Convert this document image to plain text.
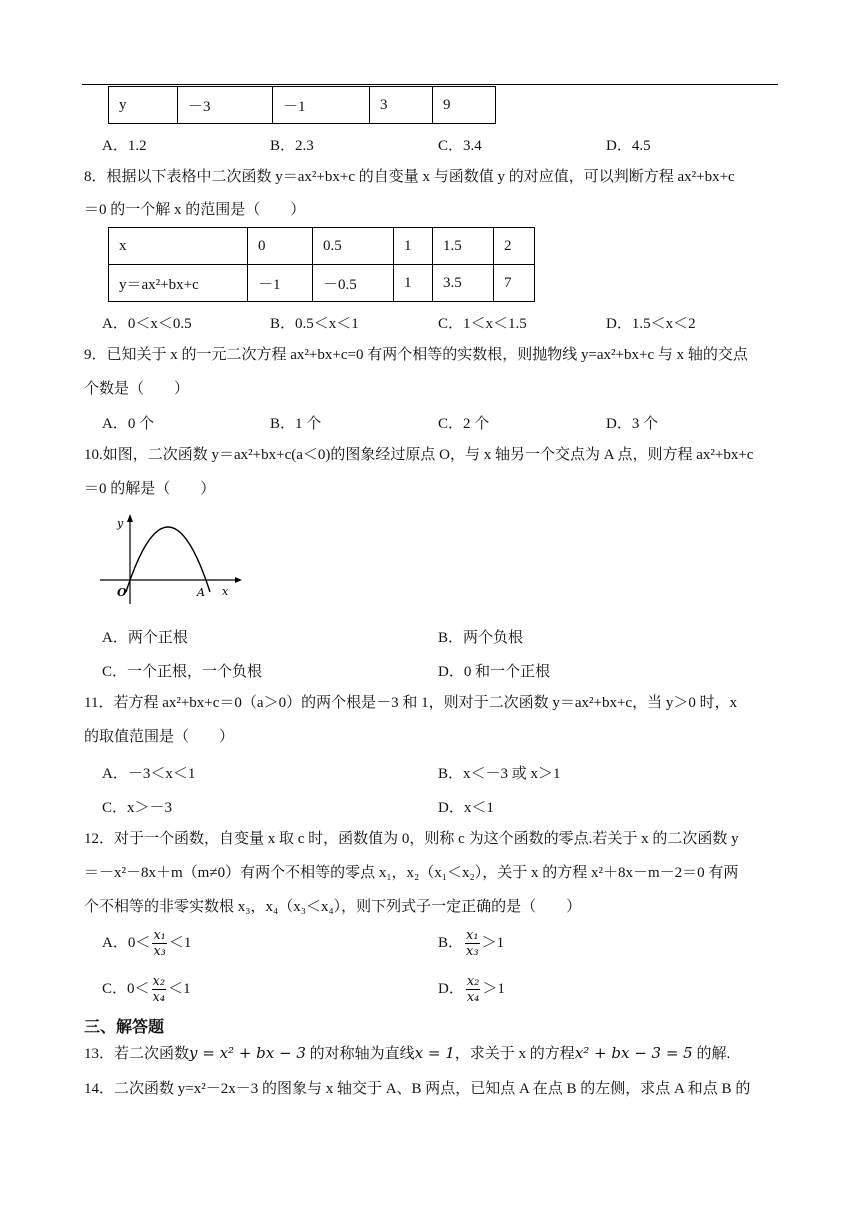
y	－3	－1	3	9
A．1.2	B．2.3	C．3.4	D．4.5
8．根据以下表格中二次函数 y＝ax²+bx+c 的自变量 x 与函数值 y 的对应值，可以判断方程 ax²+bx+c
＝0 的一个解 x 的范围是（　　）
x	0	0.5	1	1.5	2
y＝ax²+bx+c	－1	－0.5	1	3.5	7
A．0＜x＜0.5	B．0.5＜x＜1	C．1＜x＜1.5	D．1.5＜x＜2
9．已知关于 x 的一元二次方程 ax²+bx+c=0 有两个相等的实数根，则抛物线 y=ax²+bx+c 与 x 轴的交点
个数是（　　）
A．0 个	B．1 个	C．2 个	D．3 个
10.如图，二次函数 y＝ax²+bx+c(a＜0)的图象经过原点 O，与 x 轴另一个交点为 A 点，则方程 ax²+bx+c
＝0 的解是（　　）
y
x
O	A
A．两个正根	B．两个负根
C．一个正根，一个负根	D．0 和一个正根
11．若方程 ax²+bx+c＝0（a＞0）的两个根是－3 和 1，则对于二次函数 y＝ax²+bx+c，当 y＞0 时，x
的取值范围是（　　）
A．－3＜x＜1	B．x＜－3 或 x＞1
C．x＞－3	D．x＜1
12．对于一个函数，自变量 x 取 c 时，函数值为 0，则称 c 为这个函数的零点.若关于 x 的二次函数 y
＝－x²－8x＋m（m≠0）有两个不相等的零点 x₁，x₂（x₁＜x₂），关于 x 的方程 x²＋8x－m－2＝0 有两
个不相等的非零实数根 x₃，x₄（x₃＜x₄），则下列式子一定正确的是（　　）
A．$0< \frac{\text{x₁}}{\text{x₃}} <1$	B． $\frac{\text{x₁}}{\text{x₃}} >1$
C．$0< \frac{\text{x₂}}{\text{x₄}} <1$	D． $\frac{\text{x₂}}{\text{x₄}} >1$
三、解答题
13．若二次函数y = x² + bx − 3 的对称轴为直线x = 1，求关于 x 的方程x² + bx − 3 = 5 的解.
14．二次函数 y=x²－2x－3 的图象与 x 轴交于 A、B 两点，已知点 A 在点 B 的左侧，求点 A 和点 B 的
